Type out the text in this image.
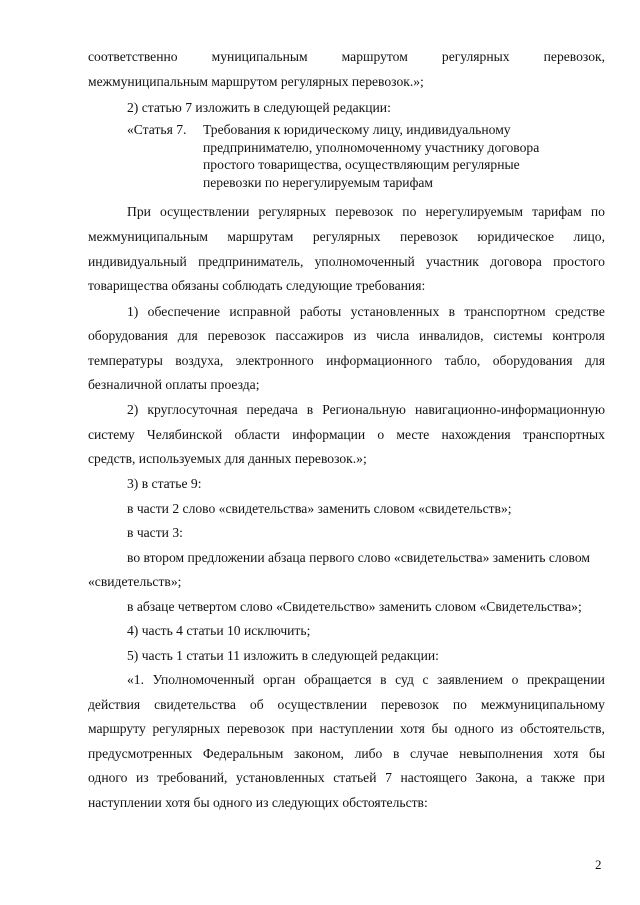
соответственно	муниципальным	маршрутом	регулярных	перевозок,
межмуниципальным маршрутом регулярных перевозок.»;
2) статью 7 изложить в следующей редакции:
«Статья 7. Требования к юридическому лицу, индивидуальному предпринимателю, уполномоченному участнику договора простого товарищества, осуществляющим регулярные перевозки по нерегулируемым тарифам
При осуществлении регулярных перевозок по нерегулируемым тарифам по
межмуниципальным маршрутам регулярных перевозок юридическое лицо,
индивидуальный предприниматель, уполномоченный участник договора простого
товарищества обязаны соблюдать следующие требования:
1) обеспечение исправной работы установленных в транспортном средстве
оборудования для перевозок пассажиров из числа инвалидов, системы контроля
температуры воздуха, электронного информационного табло, оборудования для
безналичной оплаты проезда;
2) круглосуточная передача в Региональную навигационно-информационную
систему Челябинской области информации о месте нахождения транспортных
средств, используемых для данных перевозок.»;
3) в статье 9:
в части 2 слово «свидетельства» заменить словом «свидетельств»;
в части 3:
во втором предложении абзаца первого слово «свидетельства» заменить словом
«свидетельств»;
в абзаце четвертом слово «Свидетельство» заменить словом «Свидетельства»;
4) часть 4 статьи 10 исключить;
5) часть 1 статьи 11 изложить в следующей редакции:
«1. Уполномоченный орган обращается в суд с заявлением о прекращении
действия свидетельства об осуществлении перевозок по межмуниципальному
маршруту регулярных перевозок при наступлении хотя бы одного из обстоятельств,
предусмотренных Федеральным законом, либо в случае невыполнения хотя бы
одного из требований, установленных статьей 7 настоящего Закона, а также при
наступлении хотя бы одного из следующих обстоятельств:
2
